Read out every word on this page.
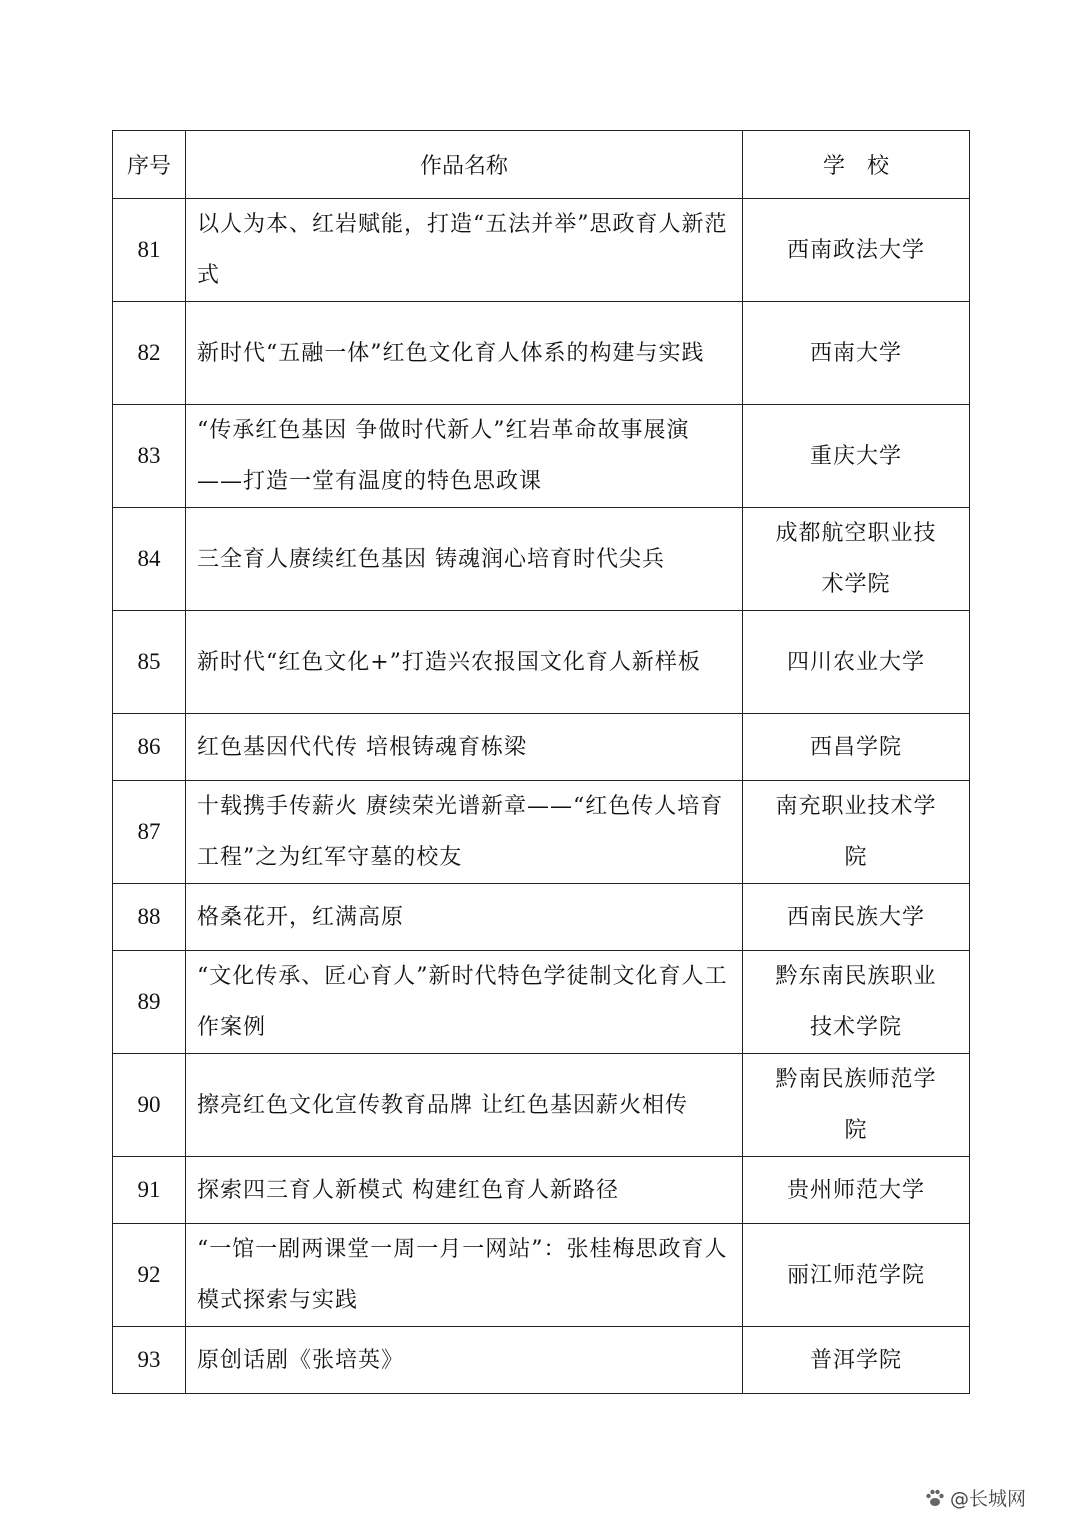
序号	作品名称	学　校
81	以人为本、红岩赋能，打造“五法并举”思政育人新范式	西南政法大学
82	新时代“五融一体”红色文化育人体系的构建与实践	西南大学
83	“传承红色基因 争做时代新人”红岩革命故事展演——打造一堂有温度的特色思政课	重庆大学
84	三全育人赓续红色基因 铸魂润心培育时代尖兵	成都航空职业技术学院
85	新时代“红色文化+”打造兴农报国文化育人新样板	四川农业大学
86	红色基因代代传 培根铸魂育栋梁	西昌学院
87	十载携手传薪火 赓续荣光谱新章——“红色传人培育工程”之为红军守墓的校友	南充职业技术学院
88	格桑花开，红满高原	西南民族大学
89	“文化传承、匠心育人”新时代特色学徒制文化育人工作案例	黔东南民族职业技术学院
90	擦亮红色文化宣传教育品牌 让红色基因薪火相传	黔南民族师范学院
91	探索四三育人新模式 构建红色育人新路径	贵州师范大学
92	“一馆一剧两课堂一周一月一网站”：张桂梅思政育人模式探索与实践	丽江师范学院
93	原创话剧《张培英》	普洱学院
@长城网
